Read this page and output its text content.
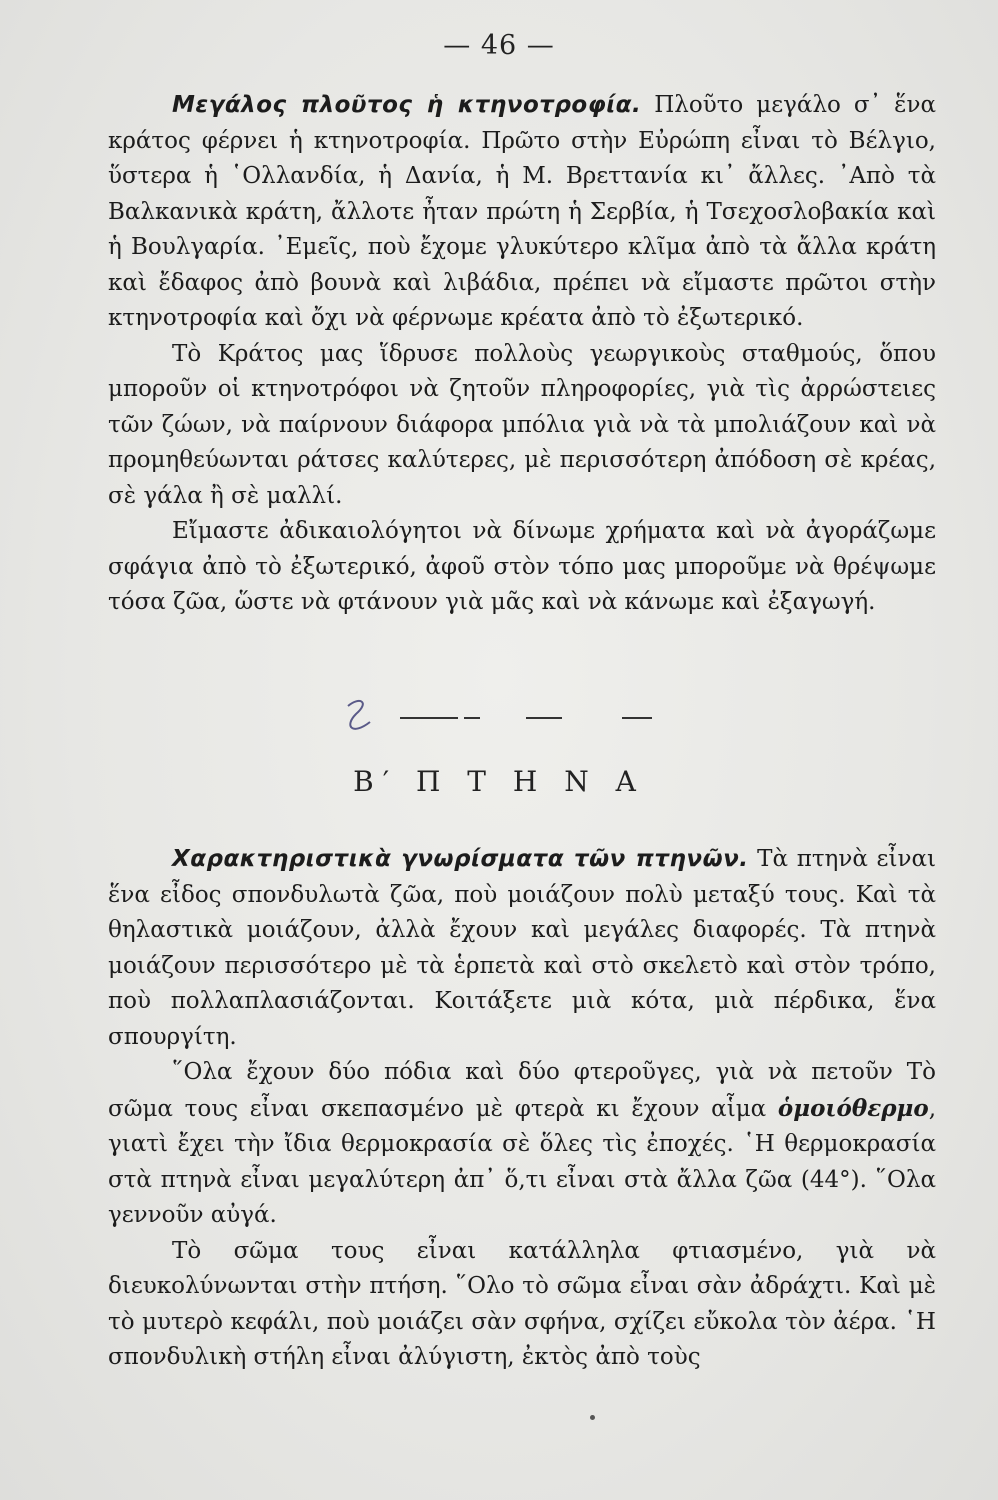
— 46 —

Μεγάλος πλοῦτος ἡ κτηνοτροφία. Πλοῦτο μεγάλο σ᾿ ἕνα κράτος φέρνει ἡ κτηνοτροφία. Πρῶτο στὴν Εὐρώπη εἶναι τὸ Βέλγιο, ὕστερα ἡ ῾Ολλανδία, ἡ Δανία, ἡ Μ. Βρεττανία κι᾿ ἄλλες. ᾿Απὸ τὰ Βαλκανικὰ κράτη, ἄλλοτε ἦταν πρώτη ἡ Σερβία, ἡ Τσεχοσλοβακία καὶ ἡ Βουλγαρία. ᾿Εμεῖς, ποὺ ἔχομε γλυκύτερο κλῖμα ἀπὸ τὰ ἄλλα κράτη καὶ ἔδαφος ἀπὸ βουνὰ καὶ λιβάδια, πρέπει νὰ εἴμαστε πρῶτοι στὴν κτηνοτροφία καὶ ὄχι νὰ φέρνωμε κρέατα ἀπὸ τὸ ἐξωτερικό.

Τὸ Κράτος μας ἵδρυσε πολλοὺς γεωργικοὺς σταθμούς, ὅπου μποροῦν οἱ κτηνοτρόφοι νὰ ζητοῦν πληροφορίες, γιὰ τὶς ἀρρώστειες τῶν ζώων, νὰ παίρνουν διάφορα μπόλια γιὰ νὰ τὰ μπολιάζουν καὶ νὰ προμηθεύωνται ράτσες καλύτερες, μὲ περισσότερη ἀπόδοση σὲ κρέας, σὲ γάλα ἢ σὲ μαλλί.

Εἴμαστε ἀδικαιολόγητοι νὰ δίνωμε χρήματα καὶ νὰ ἀγοράζωμε σφάγια ἀπὸ τὸ ἐξωτερικό, ἀφοῦ στὸν τόπο μας μποροῦμε νὰ θρέψωμε τόσα ζῶα, ὥστε νὰ φτάνουν γιὰ μᾶς καὶ νὰ κάνωμε καὶ ἐξαγωγή.

Β′ Π Τ Η Ν Α

Χαρακτηριστικὰ γνωρίσματα τῶν πτηνῶν. Τὰ πτηνὰ εἶναι ἕνα εἶδος σπονδυλωτὰ ζῶα, ποὺ μοιάζουν πολὺ μεταξύ τους. Καὶ τὰ θηλαστικὰ μοιάζουν, ἀλλὰ ἔχουν καὶ μεγάλες διαφορές. Τὰ πτηνὰ μοιάζουν περισσότερο μὲ τὰ ἑρπετὰ καὶ στὸ σκελετὸ καὶ στὸν τρόπο, ποὺ πολλαπλασιάζονται. Κοιτάξετε μιὰ κότα, μιὰ πέρδικα, ἕνα σπουργίτη.

῞Ολα ἔχουν δύο πόδια καὶ δύο φτεροῦγες, γιὰ νὰ πετοῦν Τὸ σῶμα τους εἶναι σκεπασμένο μὲ φτερὰ κι ἔχουν αἷμα ὁμοιόθερμο, γιατὶ ἔχει τὴν ἴδια θερμοκρασία σὲ ὅλες τὶς ἐποχές. ῾Η θερμοκρασία στὰ πτηνὰ εἶναι μεγαλύτερη ἀπ᾿ ὅ,τι εἶναι στὰ ἄλλα ζῶα (44°). ῞Ολα γεννοῦν αὐγά.

Τὸ σῶμα τους εἶναι κατάλληλα φτιασμένο, γιὰ νὰ διευκολύνωνται στὴν πτήση. ῞Ολο τὸ σῶμα εἶναι σὰν ἀδράχτι. Καὶ μὲ τὸ μυτερὸ κεφάλι, ποὺ μοιάζει σὰν σφήνα, σχίζει εὔκολα τὸν ἀέρα. ῾Η σπονδυλικὴ στήλη εἶναι ἀλύγιστη, ἐκτὸς ἀπὸ τοὺς
